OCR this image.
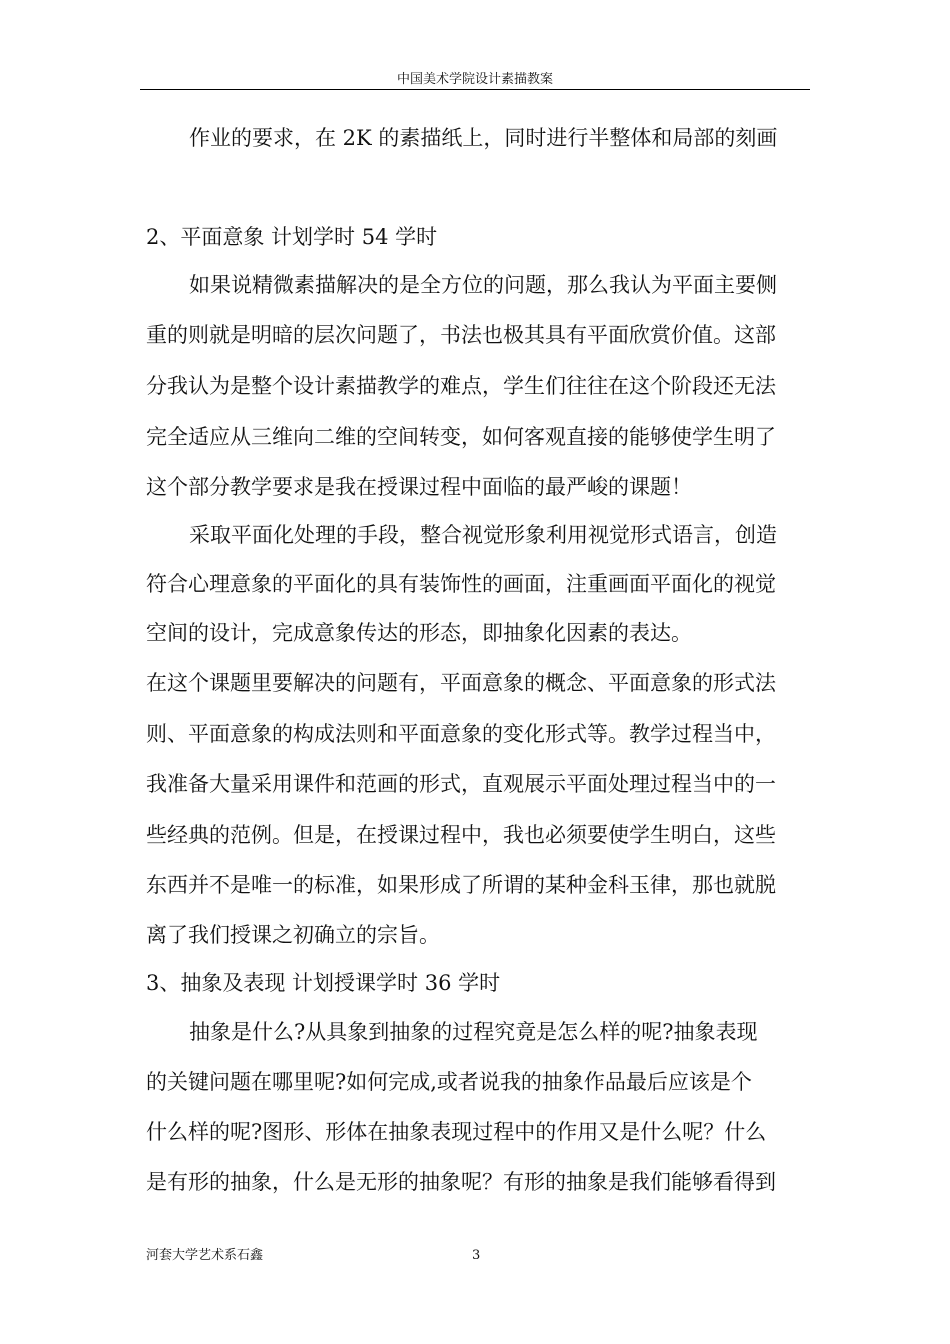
中国美术学院设计素描教案
作业的要求，在 2K 的素描纸上，同时进行半整体和局部的刻画
2、平面意象 计划学时 54 学时
如果说精微素描解决的是全方位的问题，那么我认为平面主要侧
重的则就是明暗的层次问题了，书法也极其具有平面欣赏价值。这部
分我认为是整个设计素描教学的难点，学生们往往在这个阶段还无法
完全适应从三维向二维的空间转变，如何客观直接的能够使学生明了
这个部分教学要求是我在授课过程中面临的最严峻的课题！
采取平面化处理的手段，整合视觉形象利用视觉形式语言，创造
符合心理意象的平面化的具有装饰性的画面，注重画面平面化的视觉
空间的设计，完成意象传达的形态，即抽象化因素的表达。
在这个课题里要解决的问题有，平面意象的概念、平面意象的形式法
则、平面意象的构成法则和平面意象的变化形式等。教学过程当中，
我准备大量采用课件和范画的形式，直观展示平面处理过程当中的一
些经典的范例。但是，在授课过程中，我也必须要使学生明白，这些
东西并不是唯一的标准，如果形成了所谓的某种金科玉律，那也就脱
离了我们授课之初确立的宗旨。
3、抽象及表现 计划授课学时 36 学时
抽象是什么?从具象到抽象的过程究竟是怎么样的呢?抽象表现
的关键问题在哪里呢?如何完成,或者说我的抽象作品最后应该是个
什么样的呢?图形、形体在抽象表现过程中的作用又是什么呢？什么
是有形的抽象，什么是无形的抽象呢？有形的抽象是我们能够看得到
河套大学艺术系石鑫	3
